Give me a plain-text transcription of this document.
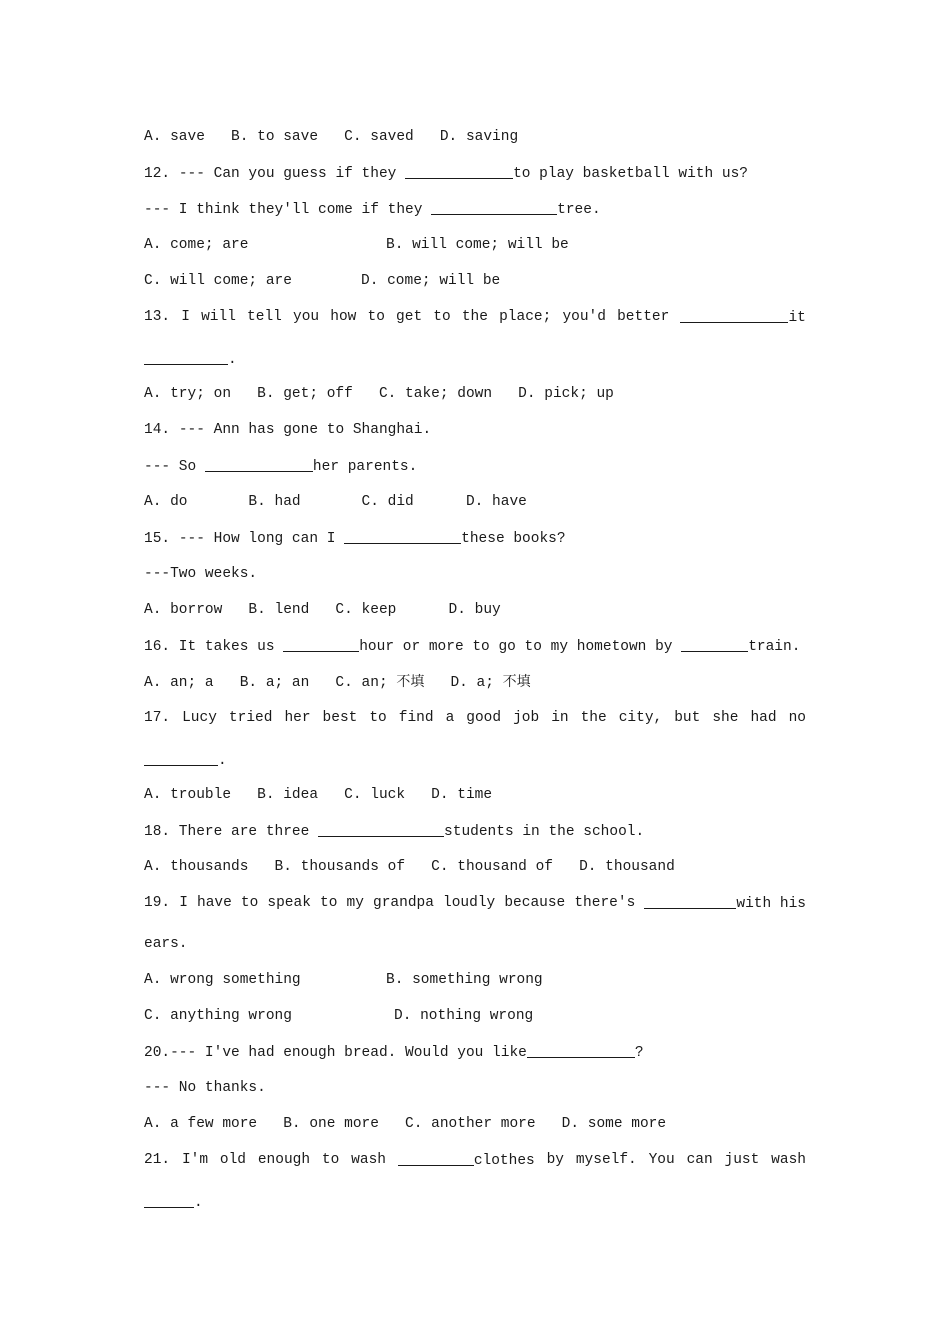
A. save   B. to save   C. saved   D. saving
12. --- Can you guess if they	to play basketball with us?
--- I think they'll come if they	tree.
A. come; are	B. will come; will be
C. will come; are	D. come; will be
13. I will tell you how to get to the place; you'd better	it
.
A. try; on   B. get; off   C. take; down   D. pick; up
14. --- Ann has gone to Shanghai.
--- So	her parents.
A. do       B. had       C. did      D. have
15. --- How long can I	these books?
---Two weeks.
A. borrow   B. lend   C. keep      D. buy
16. It takes us	hour or more to go to my hometown by	train.
A. an; a   B. a; an   C. an; 不填   D. a; 不填
17. Lucy tried her best to find a good job in the city, but she had no
.
A. trouble   B. idea   C. luck   D. time
18. There are three	students in the school.
A. thousands   B. thousands of   C. thousand of   D. thousand
19. I have to speak to my grandpa loudly because there's	with his
ears.
A. wrong something	B. something wrong
C. anything wrong	D. nothing wrong
20.--- I've had enough bread. Would you like	?
--- No thanks.
A. a few more   B. one more   C. another more   D. some more
21. I'm old enough to wash	clothes by myself. You can just wash
.
